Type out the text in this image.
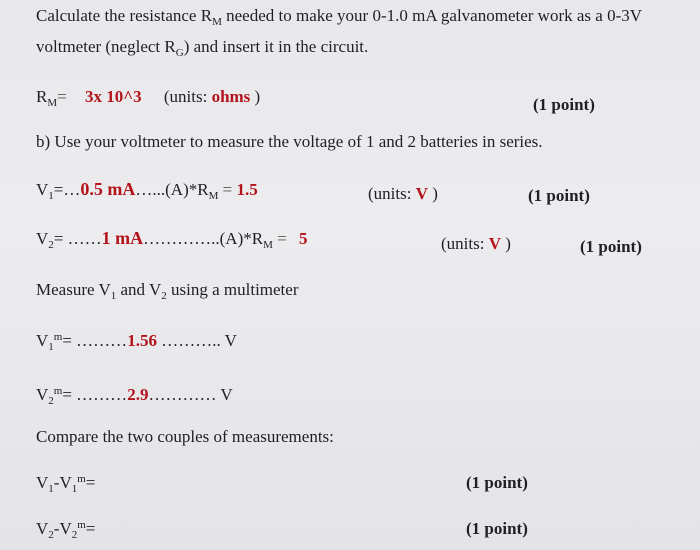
Calculate the resistance $R_M$ needed to make your 0-1.0 mA galvanometer work as a 0-3V
voltmeter (neglect $R_G$) and insert it in the circuit.
$R_M= 3x$ 10^3 (units: ohms )	(1 point)
b) Use your voltmeter to measure the voltage of 1 and 2 batteries in series.
$V_1=\dots 0.5$ $mA\dots...(A)*R_M = 1.5$	(units: V )	(1 point)
$V_2=$ ……1 $mA\dots\dots\dots\dots..(A)*R_M = 5$	(units: V )	(1 point)
Measure $V_1$ and $V_2$ using a multimeter
$V_1^m=$ ………1.56 ……….. V
$V_2^m=$ ………2.9………… V
Compare the two couples of measurements:
$V_1-V_1^m=$	(1 point)
$V_2-V_2^m=$	(1 point)
